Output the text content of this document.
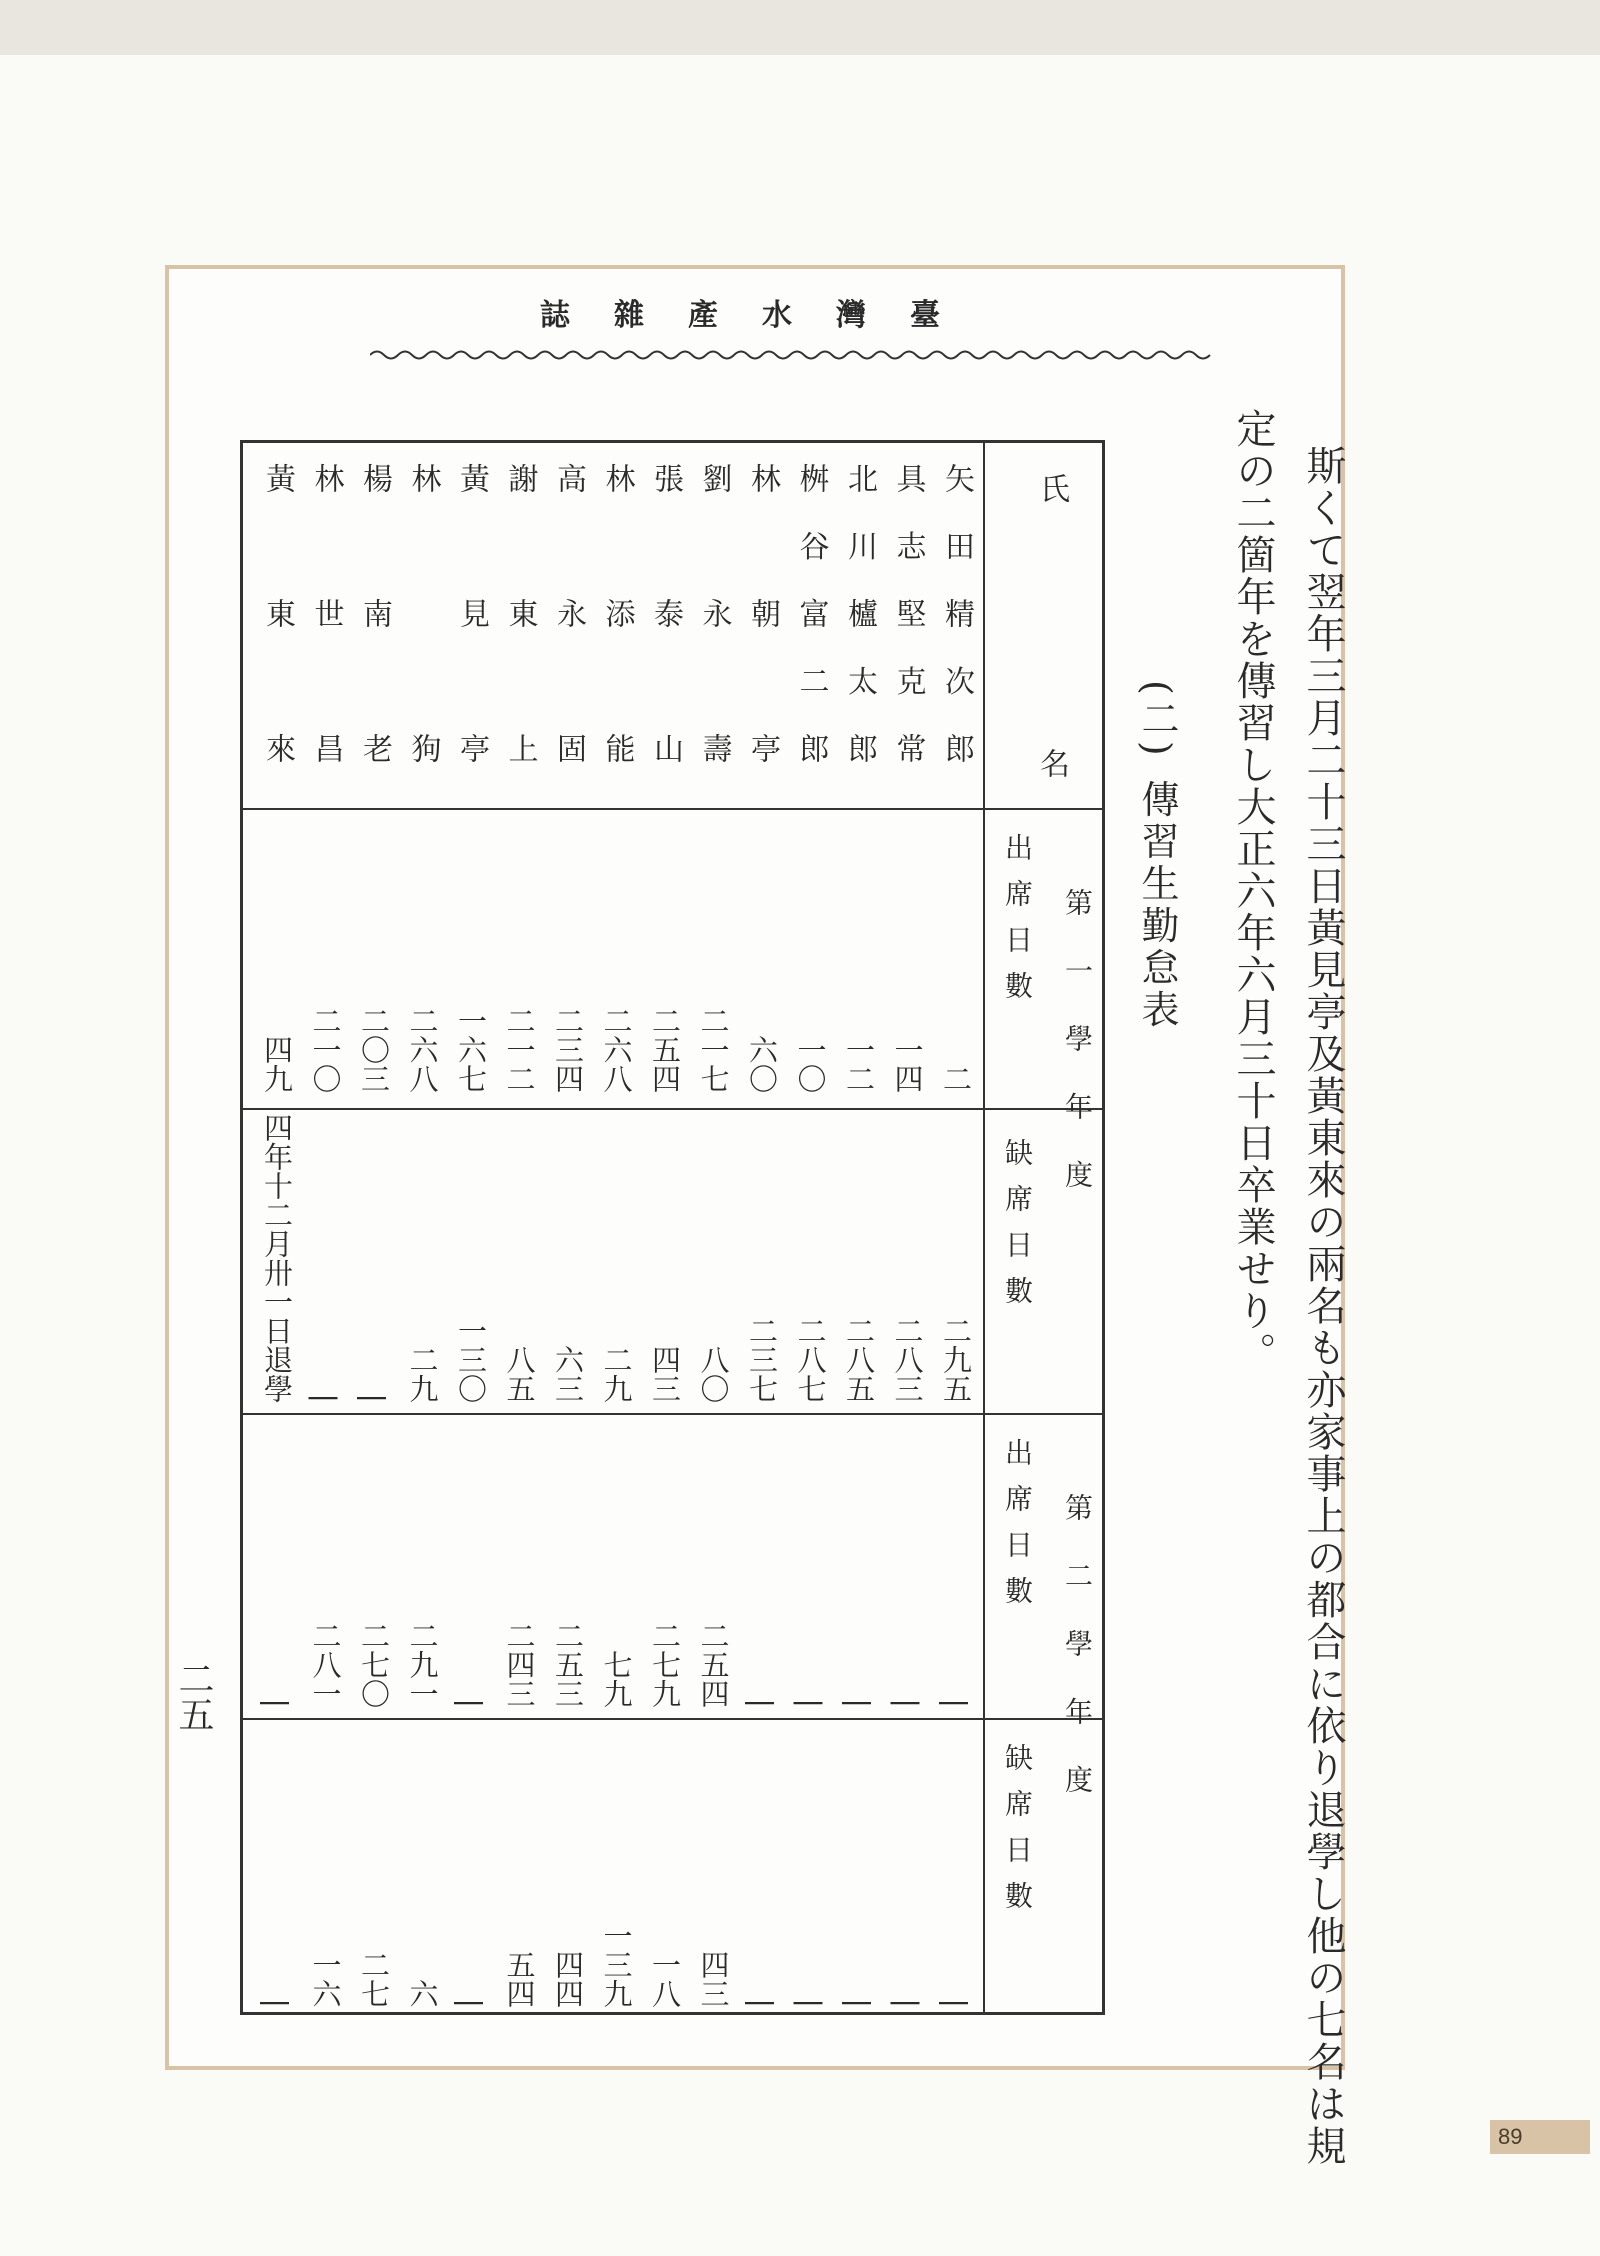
臺灣水產雜誌
斯くて翌年三月二十三日黃見亭及黃東來の兩名も亦家事上の都合に依り退學し他の七名は規
定の二箇年を傳習し大正六年六月三十日卒業せり。
(二)傳習生勤怠表
氏
名
第一學年度
出席日數
缺席日數
第二學年度
出席日數
缺席日數
矢田精次郎
二
二九五
|
|
具志堅克常
一四
二八三
|
|
北川櫨太郎
一二
二八五
|
|
桝谷富二郎
一〇
二八七
|
|
林朝亭
六〇
二三七
|
|
劉永壽
二一七
八〇
二五四
四三
張泰山
二五四
四三
二七九
一八
林添能
二六八
二九
七九
一三九
高永固
二三四
六三
二五三
四四
謝東上
二一二
八五
二四三
五四
黃見亭
一六七
一三〇
|
|
林狗
二六八
二九
二九一
六
楊南老
二〇三
|
二七〇
二七
林世昌
二一〇
|
二八一
一六
黃東來
四九
四年十二月卅一日退學
|
|
二五
89
